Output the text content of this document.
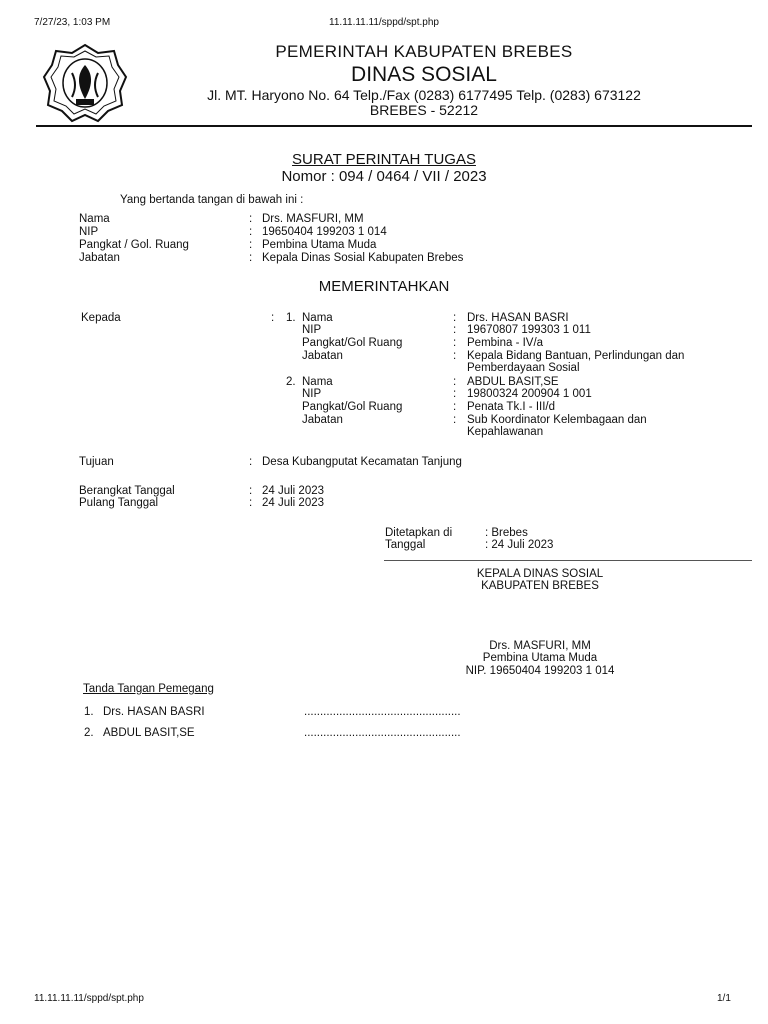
7/27/23, 1:03 PM	11.11.11.11/sppd/spt.php
11.11.11.11/sppd/spt.php	1/1
PEMERINTAH KABUPATEN BREBES
DINAS SOSIAL
Jl. MT. Haryono No. 64 Telp./Fax (0283) 6177495 Telp. (0283) 673122
BREBES - 52212
SURAT PERINTAH TUGAS
Nomor : 094 / 0464 / VII / 2023
Yang bertanda tangan di bawah ini :
Nama	: Drs. MASFURI, MM
NIP	: 19650404 199203 1 014
Pangkat / Gol. Ruang	: Pembina Utama Muda
Jabatan	: Kepala Dinas Sosial Kabupaten Brebes
MEMERINTAHKAN
Kepada	: 1. Nama	: Drs. HASAN BASRI
NIP	: 19670807 199303 1 011
Pangkat/Gol Ruang	: Pembina - IV/a
Jabatan	: Kepala Bidang Bantuan, Perlindungan dan
Pemberdayaan Sosial
2. Nama	: ABDUL BASIT,SE
NIP	: 19800324 200904 1 001
Pangkat/Gol Ruang	: Penata Tk.I - III/d
Jabatan	: Sub Koordinator Kelembagaan dan
Kepahlawanan
Tujuan	: Desa Kubangputat Kecamatan Tanjung
Berangkat Tanggal	: 24 Juli 2023
Pulang Tanggal	: 24 Juli 2023
Ditetapkan di	: Brebes
Tanggal	: 24 Juli 2023
KEPALA DINAS SOSIAL
KABUPATEN BREBES
Drs. MASFURI, MM
Pembina Utama Muda
NIP. 19650404 199203 1 014
Tanda Tangan Pemegang
1. Drs. HASAN BASRI	.................................................
2. ABDUL BASIT,SE	.................................................
